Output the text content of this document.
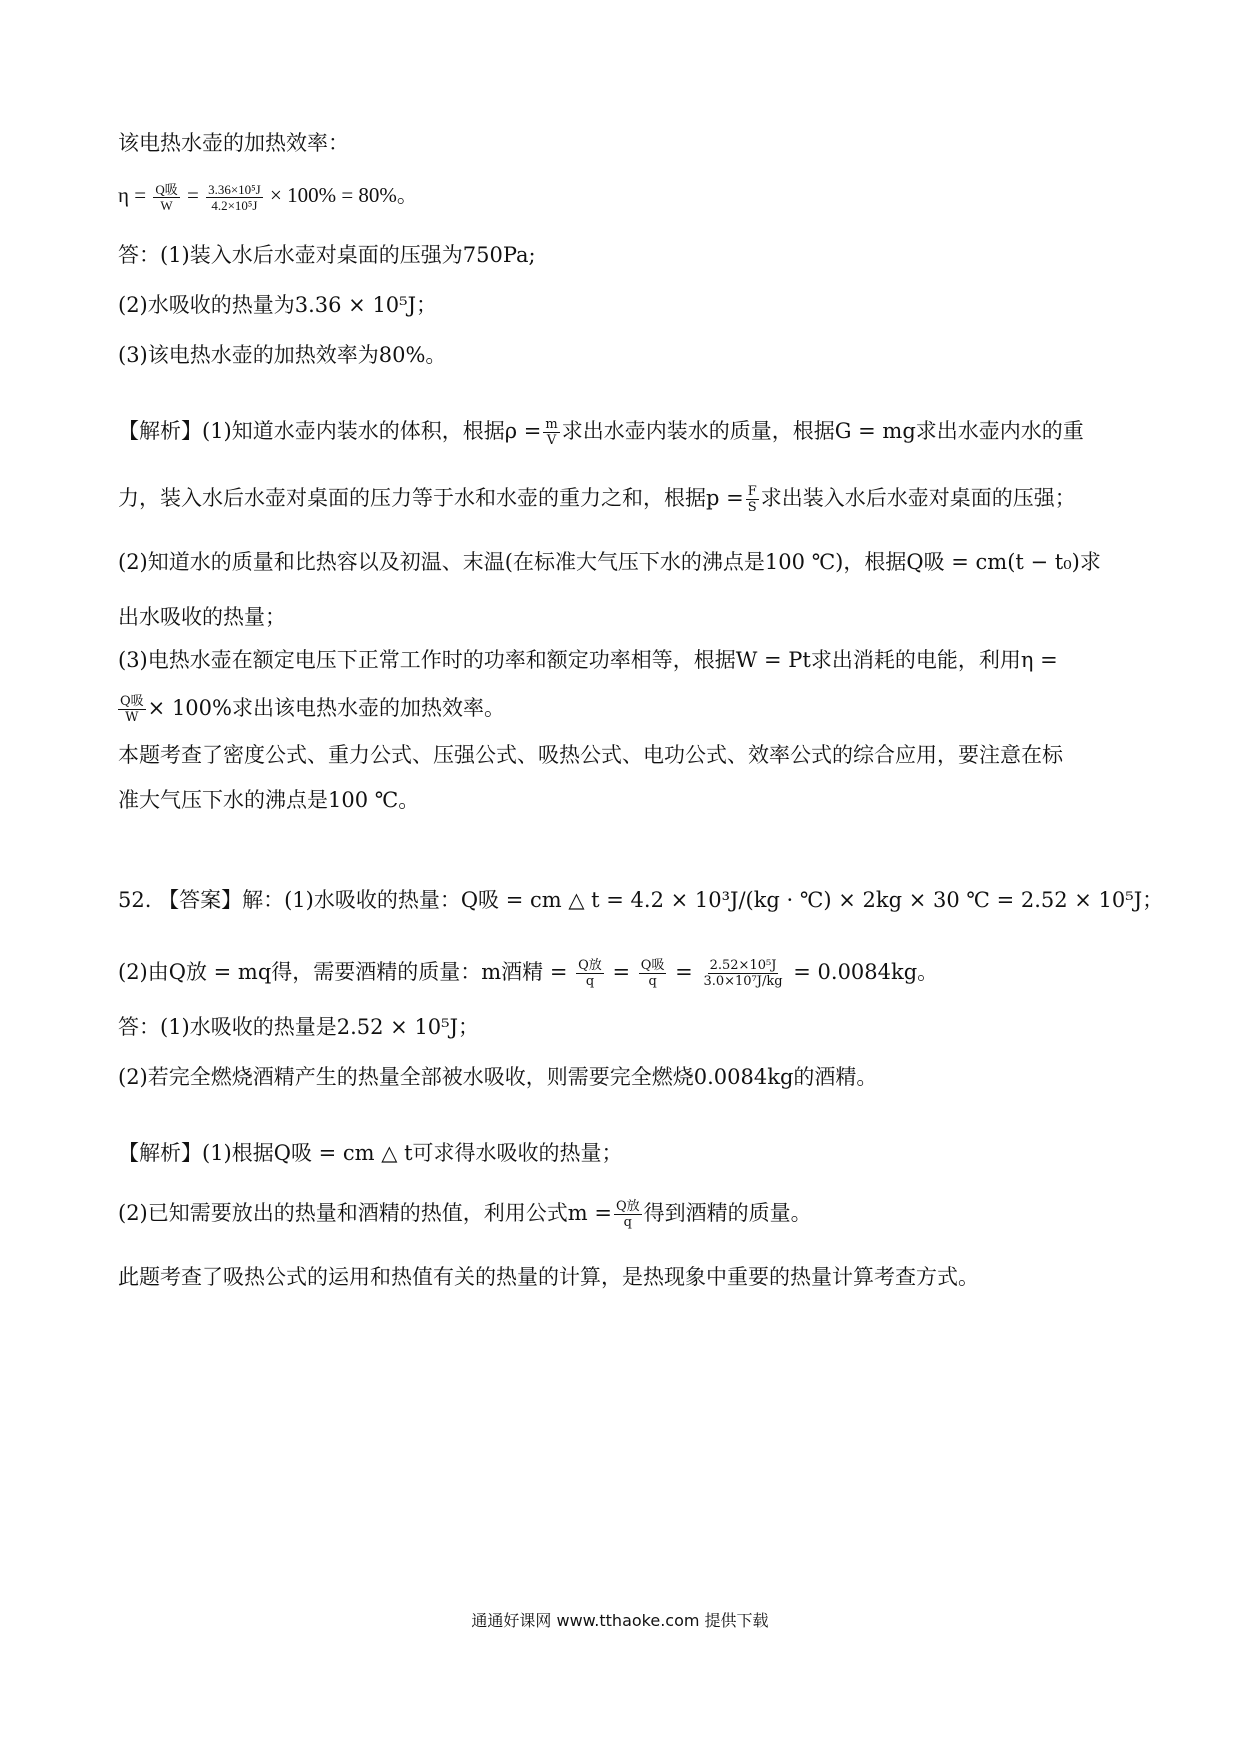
该电热水壶的加热效率：
$\eta = \frac{\text{Q吸}}{W} = \frac{\text{3.36×10⁵J}}{\text{4.2×10⁵J}} \times 100\% = 80\%$。
答：(1)装入水后水壶对桌面的压强为750Pa;
(2)水吸收的热量为3.36 × 10⁵J；
(3)该电热水壶的加热效率为80%。
【解析】(1)知道水壶内装水的体积，根据$\rho = \frac{m}{V}$ 求出水壶内装水的质量，根据G = mg求出水壶内水的重
力，装入水后水壶对桌面的压力等于水和水壶的重力之和，根据$p = \frac{F}{S}$ 求出装入水后水壶对桌面的压强；
(2)知道水的质量和比热容以及初温、末温(在标准大气压下水的沸点是100 ℃)，根据Q吸 = cm(t − t₀)求
出水吸收的热量；
(3)电热水壶在额定电压下正常工作时的功率和额定功率相等，根据W = Pt求出消耗的电能，利用η =
$\frac{\text{Q吸}}{W} \times 100\%$求出该电热水壶的加热效率。
本题考查了密度公式、重力公式、压强公式、吸热公式、电功公式、效率公式的综合应用，要注意在标
准大气压下水的沸点是100 ℃。
52. 【答案】解：(1)水吸收的热量：Q吸 = cm △ t = 4.2 × 10³J/(kg · ℃) × 2kg × 30 ℃ = 2.52 × 10⁵J；
(2)由Q放 = mq得，需要酒精的质量：m酒精 = $\frac{\text{Q放}}{q} = \frac{\text{Q吸}}{q} = \frac{\text{2.52×10⁵J}}{\text{3.0×10⁷J/kg}} = 0.0084kg$。
答：(1)水吸收的热量是2.52 × 10⁵J；
(2)若完全燃烧酒精产生的热量全部被水吸收，则需要完全燃烧0.0084kg的酒精。
【解析】(1)根据Q吸 = cm △ t可求得水吸收的热量；
(2)已知需要放出的热量和酒精的热值，利用公式$m = \frac{\text{Q放}}{q}$ 得到酒精的质量。
此题考查了吸热公式的运用和热值有关的热量的计算，是热现象中重要的热量计算考查方式。
通通好课网 www.tthaoke.com 提供下载
